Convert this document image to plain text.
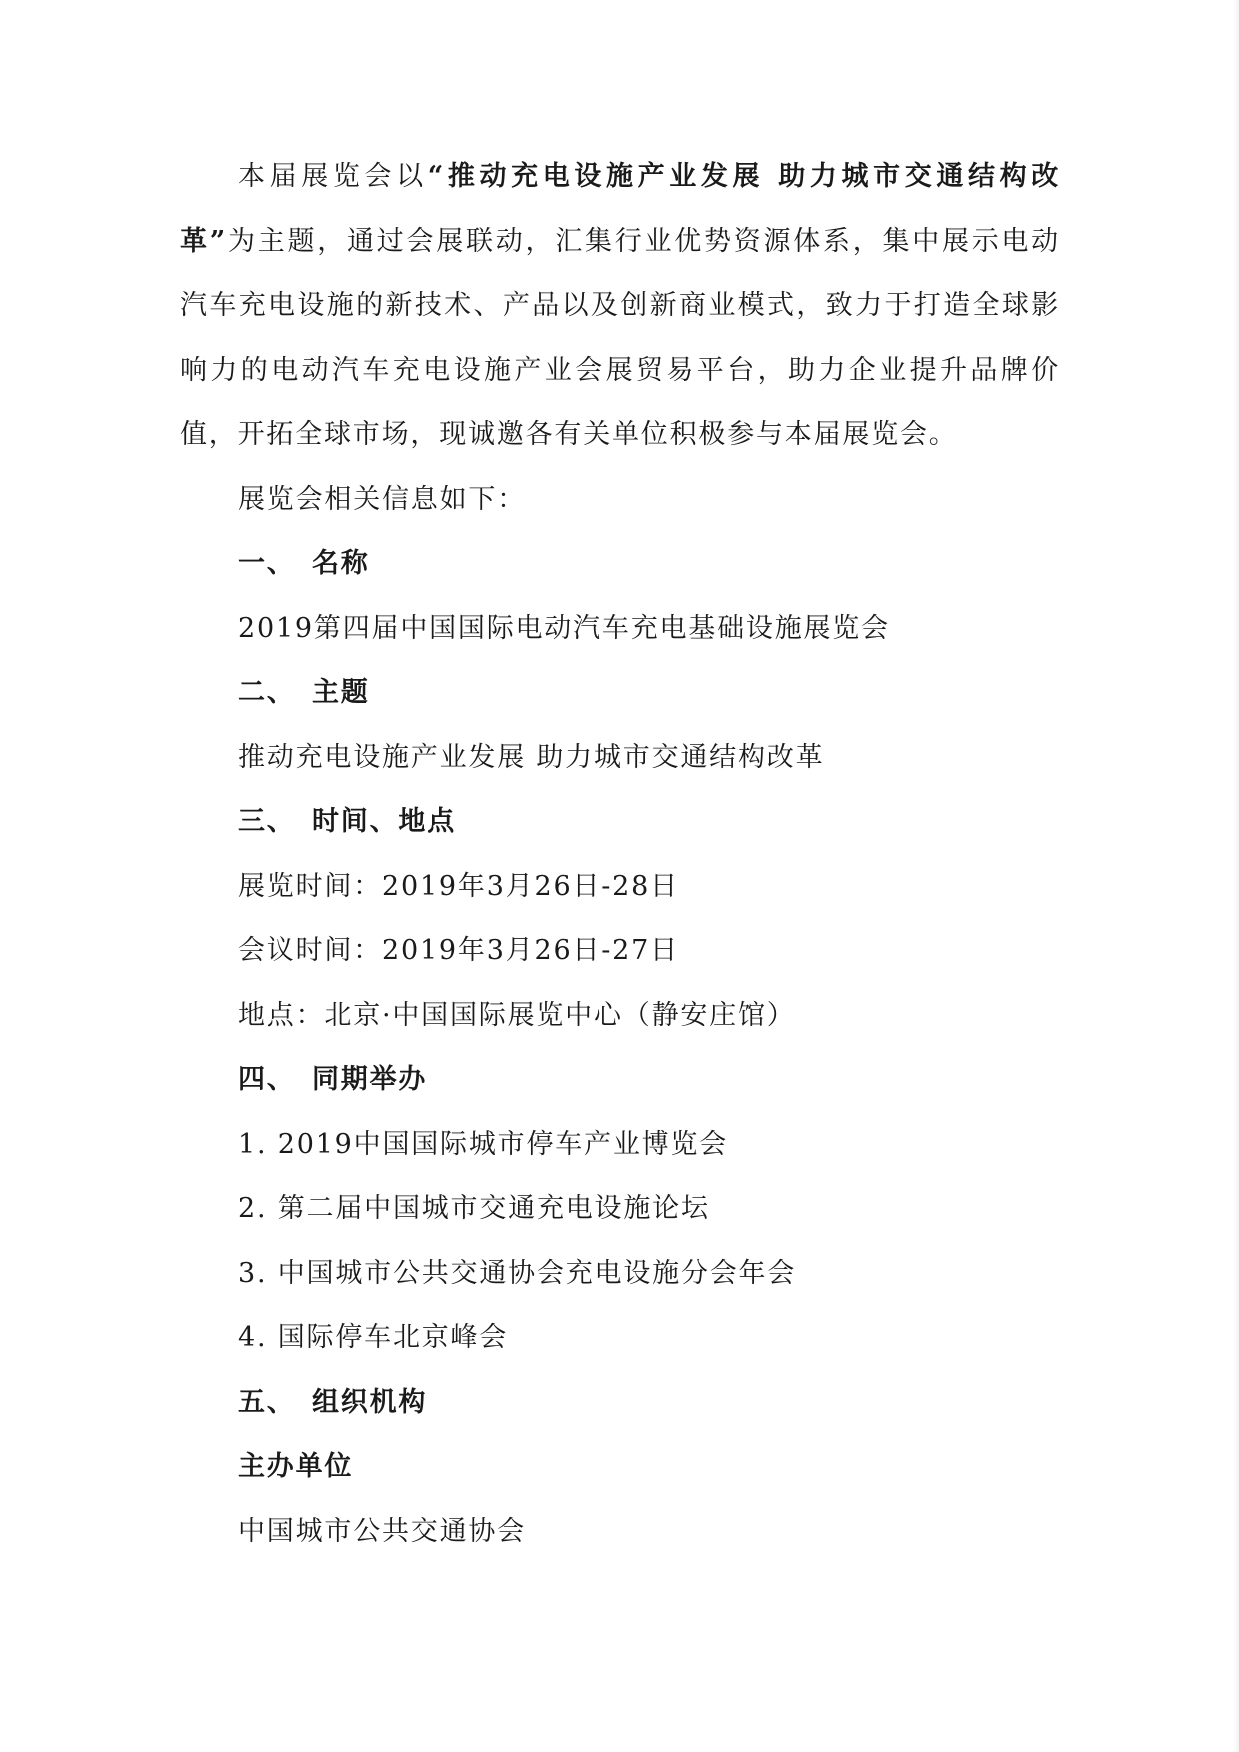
本届展览会以“推动充电设施产业发展 助力城市交通结构改革”为主题，通过会展联动，汇集行业优势资源体系，集中展示电动汽车充电设施的新技术、产品以及创新商业模式，致力于打造全球影响力的电动汽车充电设施产业会展贸易平台，助力企业提升品牌价值，开拓全球市场，现诚邀各有关单位积极参与本届展览会。

展览会相关信息如下：

一、 名称

2019第四届中国国际电动汽车充电基础设施展览会

二、 主题

推动充电设施产业发展 助力城市交通结构改革

三、 时间、地点

展览时间：2019年3月26日-28日

会议时间：2019年3月26日-27日

地点：北京·中国国际展览中心（静安庄馆）

四、 同期举办

1. 2019中国国际城市停车产业博览会

2. 第二届中国城市交通充电设施论坛

3. 中国城市公共交通协会充电设施分会年会

4. 国际停车北京峰会

五、 组织机构

主办单位

中国城市公共交通协会
